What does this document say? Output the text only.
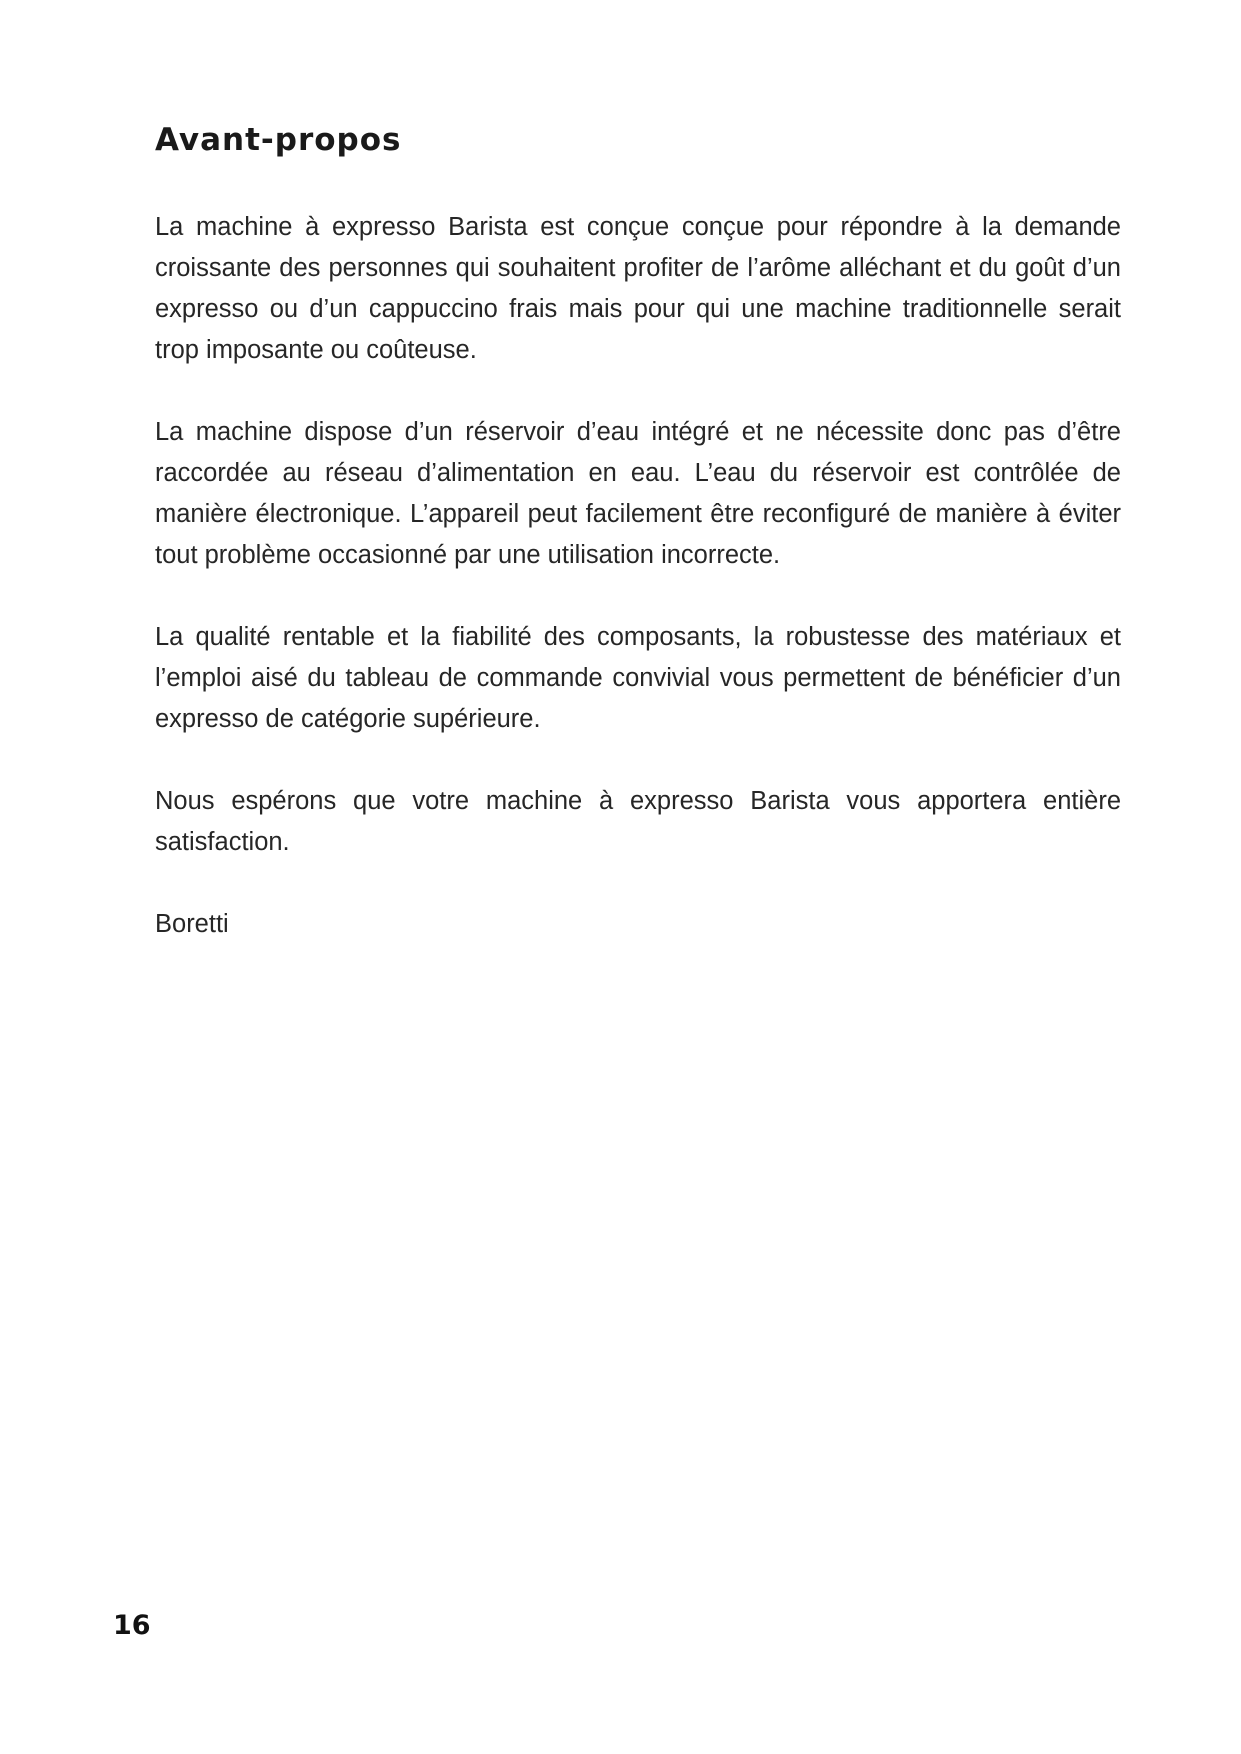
Avant-propos

La machine à expresso Barista est conçue conçue pour répondre à la demande croissante des personnes qui souhaitent profiter de l’arôme alléchant et du goût d’un expresso ou d’un cappuccino frais mais pour qui une machine traditionnelle serait trop imposante ou coûteuse.

La machine dispose d’un réservoir d’eau intégré et ne nécessite donc pas d’être raccordée au réseau d’alimentation en eau. L’eau du réservoir est contrôlée de manière électronique. L’appareil peut facilement être reconfiguré de manière à éviter tout problème occasionné par une utilisation incorrecte.

La qualité rentable et la fiabilité des composants, la robustesse des matériaux et l’emploi aisé du tableau de commande convivial vous permettent de bénéficier d’un expresso de catégorie supérieure.

Nous espérons que votre machine à expresso Barista vous apportera entière satisfaction.

Boretti

16
